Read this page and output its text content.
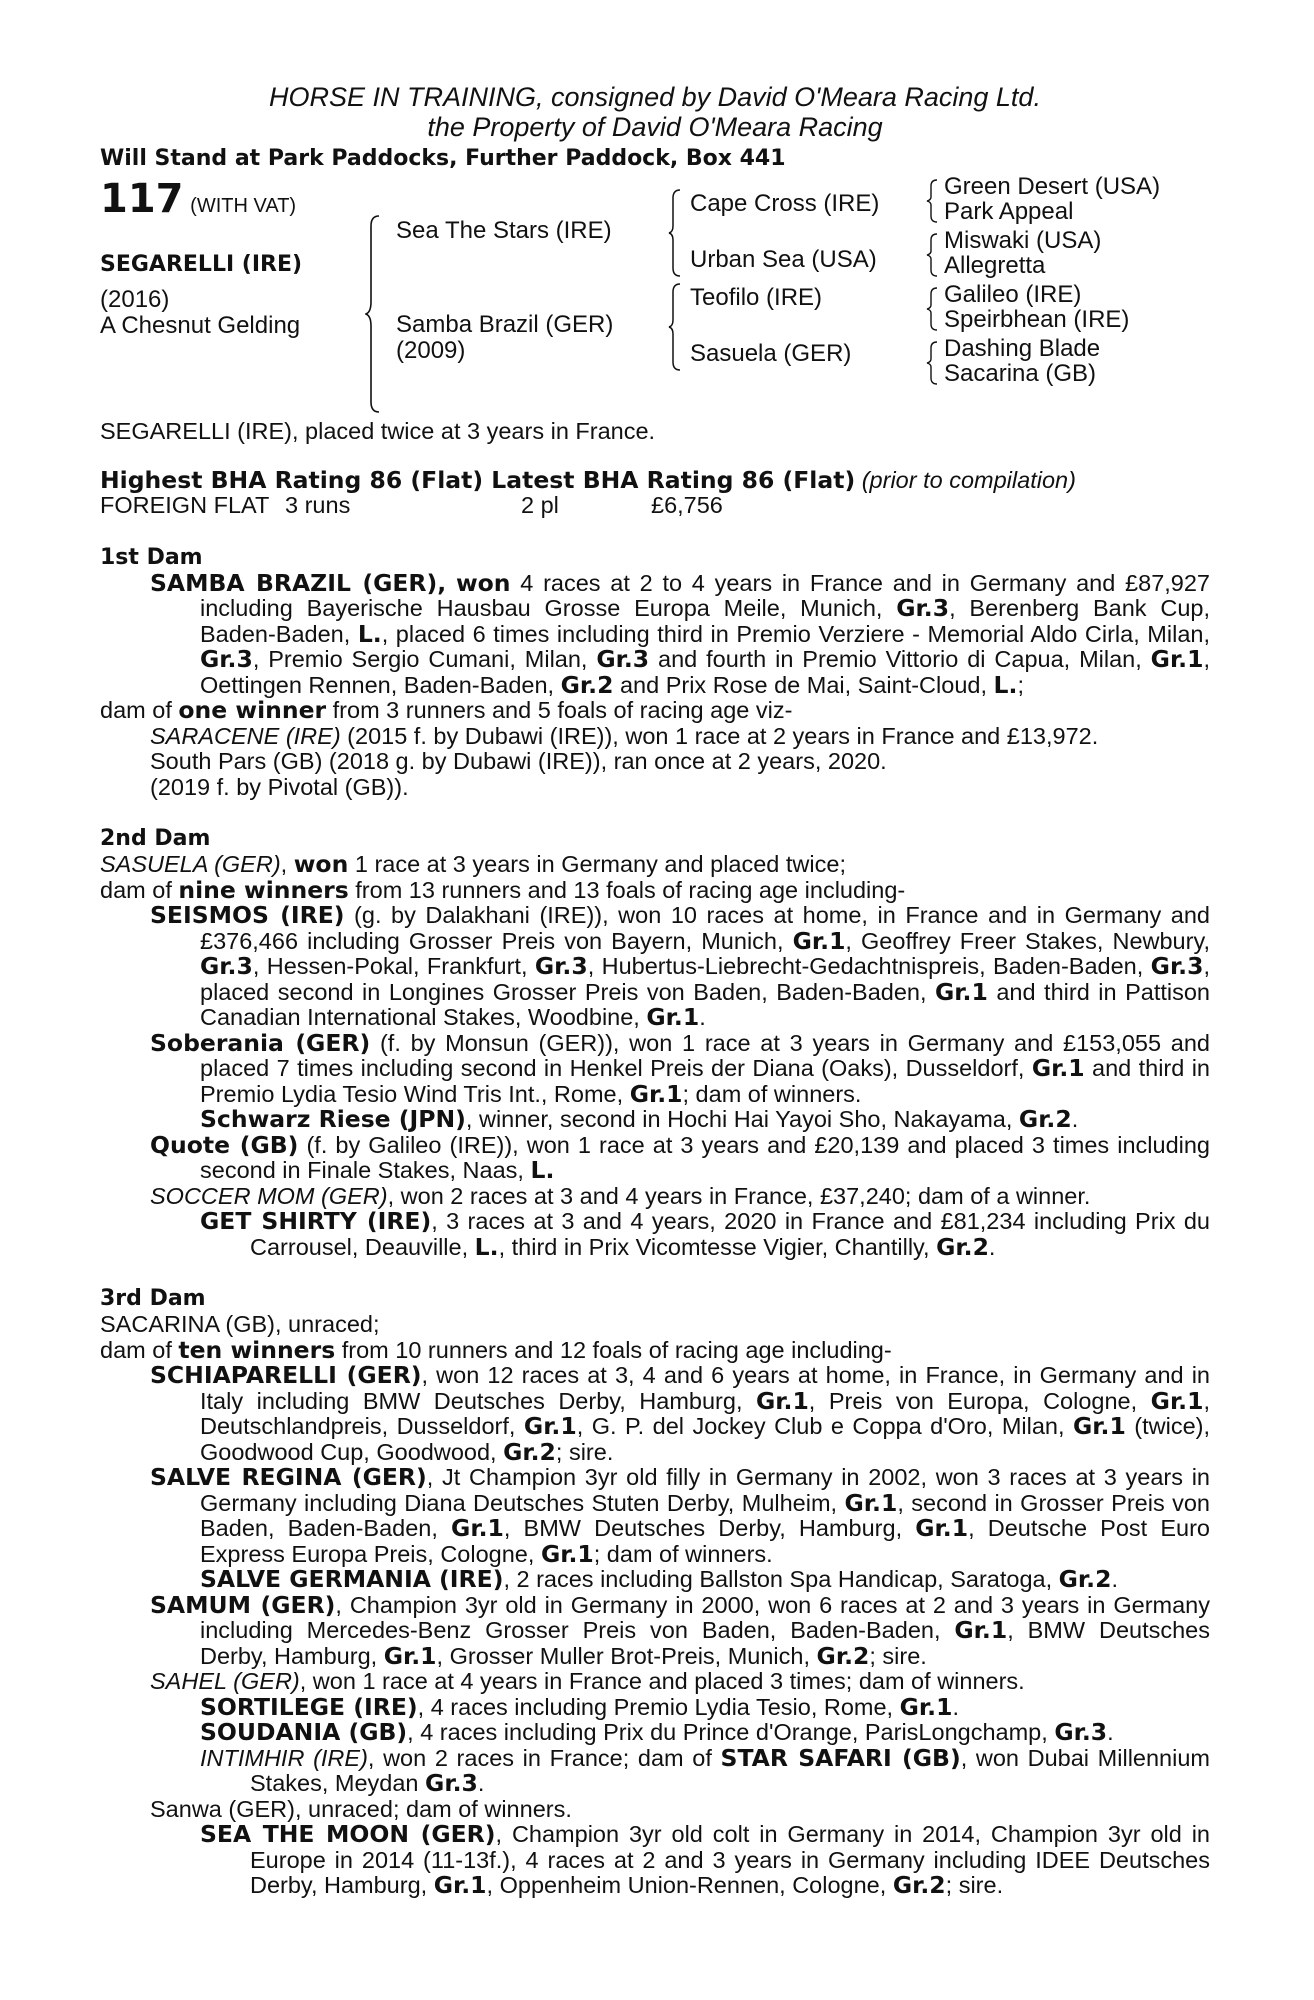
HORSE IN TRAINING, consigned by David O'Meara Racing Ltd.
the Property of David O'Meara Racing
Will Stand at Park Paddocks, Further Paddock, Box 441
117 (WITH VAT)
SEGARELLI (IRE)
(2016)
A Chesnut Gelding
Sea The Stars (IRE)
Samba Brazil (GER)
(2009)
Cape Cross (IRE)
Urban Sea (USA)
Teofilo (IRE)
Sasuela (GER)
Green Desert (USA)
Park Appeal
Miswaki (USA)
Allegretta
Galileo (IRE)
Speirbhean (IRE)
Dashing Blade
Sacarina (GB)
SEGARELLI (IRE), placed twice at 3 years in France.
Highest BHA Rating 86 (Flat) Latest BHA Rating 86 (Flat) (prior to compilation)
FOREIGN FLAT 3 runs	2 pl	£6,756
1st Dam
SAMBA BRAZIL (GER), won 4 races at 2 to 4 years in France and in Germany and £87,927 including Bayerische Hausbau Grosse Europa Meile, Munich, Gr.3, Berenberg Bank Cup, Baden-Baden, L., placed 6 times including third in Premio Verziere - Memorial Aldo Cirla, Milan, Gr.3, Premio Sergio Cumani, Milan, Gr.3 and fourth in Premio Vittorio di Capua, Milan, Gr.1, Oettingen Rennen, Baden-Baden, Gr.2 and Prix Rose de Mai, Saint-Cloud, L.;
dam of one winner from 3 runners and 5 foals of racing age viz-
SARACENE (IRE) (2015 f. by Dubawi (IRE)), won 1 race at 2 years in France and £13,972.
South Pars (GB) (2018 g. by Dubawi (IRE)), ran once at 2 years, 2020.
(2019 f. by Pivotal (GB)).
2nd Dam
SASUELA (GER), won 1 race at 3 years in Germany and placed twice;
dam of nine winners from 13 runners and 13 foals of racing age including-
SEISMOS (IRE) (g. by Dalakhani (IRE)), won 10 races at home, in France and in Germany and £376,466 including Grosser Preis von Bayern, Munich, Gr.1, Geoffrey Freer Stakes, Newbury, Gr.3, Hessen-Pokal, Frankfurt, Gr.3, Hubertus-Liebrecht-Gedachtnispreis, Baden-Baden, Gr.3, placed second in Longines Grosser Preis von Baden, Baden-Baden, Gr.1 and third in Pattison Canadian International Stakes, Woodbine, Gr.1.
Soberania (GER) (f. by Monsun (GER)), won 1 race at 3 years in Germany and £153,055 and placed 7 times including second in Henkel Preis der Diana (Oaks), Dusseldorf, Gr.1 and third in Premio Lydia Tesio Wind Tris Int., Rome, Gr.1; dam of winners.
Schwarz Riese (JPN), winner, second in Hochi Hai Yayoi Sho, Nakayama, Gr.2.
Quote (GB) (f. by Galileo (IRE)), won 1 race at 3 years and £20,139 and placed 3 times including second in Finale Stakes, Naas, L.
SOCCER MOM (GER), won 2 races at 3 and 4 years in France, £37,240; dam of a winner.
GET SHIRTY (IRE), 3 races at 3 and 4 years, 2020 in France and £81,234 including Prix du Carrousel, Deauville, L., third in Prix Vicomtesse Vigier, Chantilly, Gr.2.
3rd Dam
SACARINA (GB), unraced;
dam of ten winners from 10 runners and 12 foals of racing age including-
SCHIAPARELLI (GER), won 12 races at 3, 4 and 6 years at home, in France, in Germany and in Italy including BMW Deutsches Derby, Hamburg, Gr.1, Preis von Europa, Cologne, Gr.1, Deutschlandpreis, Dusseldorf, Gr.1, G. P. del Jockey Club e Coppa d'Oro, Milan, Gr.1 (twice), Goodwood Cup, Goodwood, Gr.2; sire.
SALVE REGINA (GER), Jt Champion 3yr old filly in Germany in 2002, won 3 races at 3 years in Germany including Diana Deutsches Stuten Derby, Mulheim, Gr.1, second in Grosser Preis von Baden, Baden-Baden, Gr.1, BMW Deutsches Derby, Hamburg, Gr.1, Deutsche Post Euro Express Europa Preis, Cologne, Gr.1; dam of winners.
SALVE GERMANIA (IRE), 2 races including Ballston Spa Handicap, Saratoga, Gr.2.
SAMUM (GER), Champion 3yr old in Germany in 2000, won 6 races at 2 and 3 years in Germany including Mercedes-Benz Grosser Preis von Baden, Baden-Baden, Gr.1, BMW Deutsches Derby, Hamburg, Gr.1, Grosser Muller Brot-Preis, Munich, Gr.2; sire.
SAHEL (GER), won 1 race at 4 years in France and placed 3 times; dam of winners.
SORTILEGE (IRE), 4 races including Premio Lydia Tesio, Rome, Gr.1.
SOUDANIA (GB), 4 races including Prix du Prince d'Orange, ParisLongchamp, Gr.3.
INTIMHIR (IRE), won 2 races in France; dam of STAR SAFARI (GB), won Dubai Millennium Stakes, Meydan Gr.3.
Sanwa (GER), unraced; dam of winners.
SEA THE MOON (GER), Champion 3yr old colt in Germany in 2014, Champion 3yr old in Europe in 2014 (11-13f.), 4 races at 2 and 3 years in Germany including IDEE Deutsches Derby, Hamburg, Gr.1, Oppenheim Union-Rennen, Cologne, Gr.2; sire.
